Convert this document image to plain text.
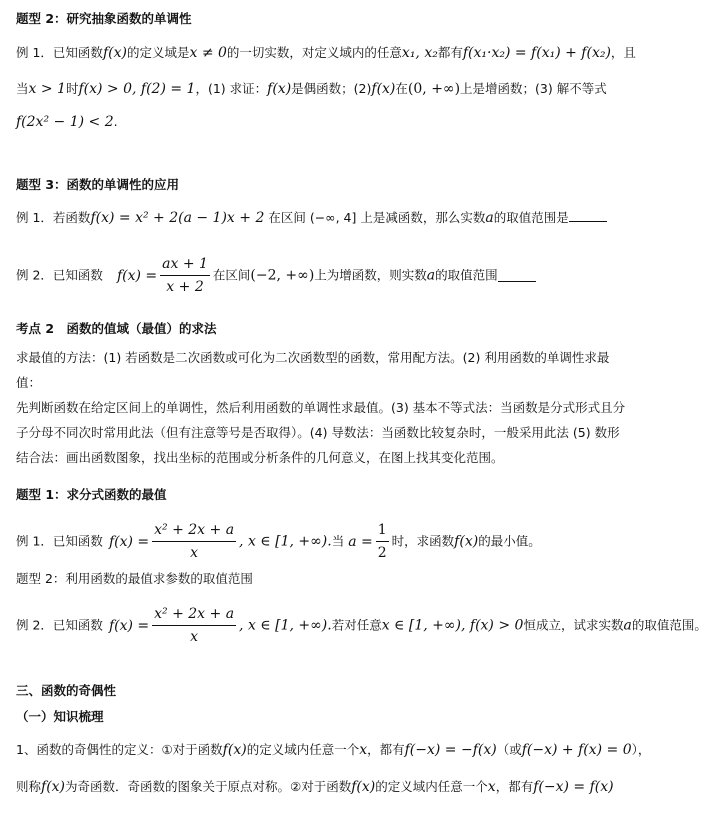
题型 2：研究抽象函数的单调性
例 1．已知函数f(x)的定义域是x ≠ 0的一切实数，对定义域内的任意x₁, x₂都有f(x₁·x₂) = f(x₁) + f(x₂)，且
当x > 1时f(x) > 0, f(2) = 1，(1) 求证：f(x)是偶函数；(2)f(x)在(0, +∞)上是增函数；(3) 解不等式
f(2x² − 1) < 2.
题型 3：函数的单调性的应用
例 1．若函数f(x) = x² + 2(a − 1)x + 2 在区间 (−∞, 4] 上是减函数，那么实数a的取值范围是
例 2．已知函数 $f(x) = \frac{ax + 1}{x + 2}$ 在区间(−2, +∞)上为增函数，则实数a的取值范围
考点 2　函数的值域（最值）的求法
求最值的方法：(1) 若函数是二次函数或可化为二次函数型的函数，常用配方法。(2) 利用函数的单调性求最值：
先判断函数在给定区间上的单调性，然后利用函数的单调性求最值。(3) 基本不等式法：当函数是分式形式且分
子分母不同次时常用此法（但有注意等号是否取得）。(4) 导数法：当函数比较复杂时，一般采用此法 (5) 数形
结合法：画出函数图象，找出坐标的范围或分析条件的几何意义，在图上找其变化范围。
题型 1：求分式函数的最值
例 1．已知函数 $f(x) = \frac{\text{x² + 2x + a}}{x}$ , x ∈ [1, +∞).当 $a = \frac{1}{2}$ 时，求函数f(x)的最小值。
题型 2：利用函数的最值求参数的取值范围
例 2．已知函数 $f(x) = \frac{\text{x² + 2x + a}}{x}$ , x ∈ [1, +∞).若对任意x ∈ [1, +∞), f(x) > 0恒成立，试求实数a的取值范围。
三、函数的奇偶性
（一）知识梳理
1、函数的奇偶性的定义：①对于函数f(x)的定义域内任意一个x，都有f(−x) = −f(x)（或f(−x) + f(x) = 0），
则称f(x)为奇函数．奇函数的图象关于原点对称。②对于函数f(x)的定义域内任意一个x，都有f(−x) = f(x)
